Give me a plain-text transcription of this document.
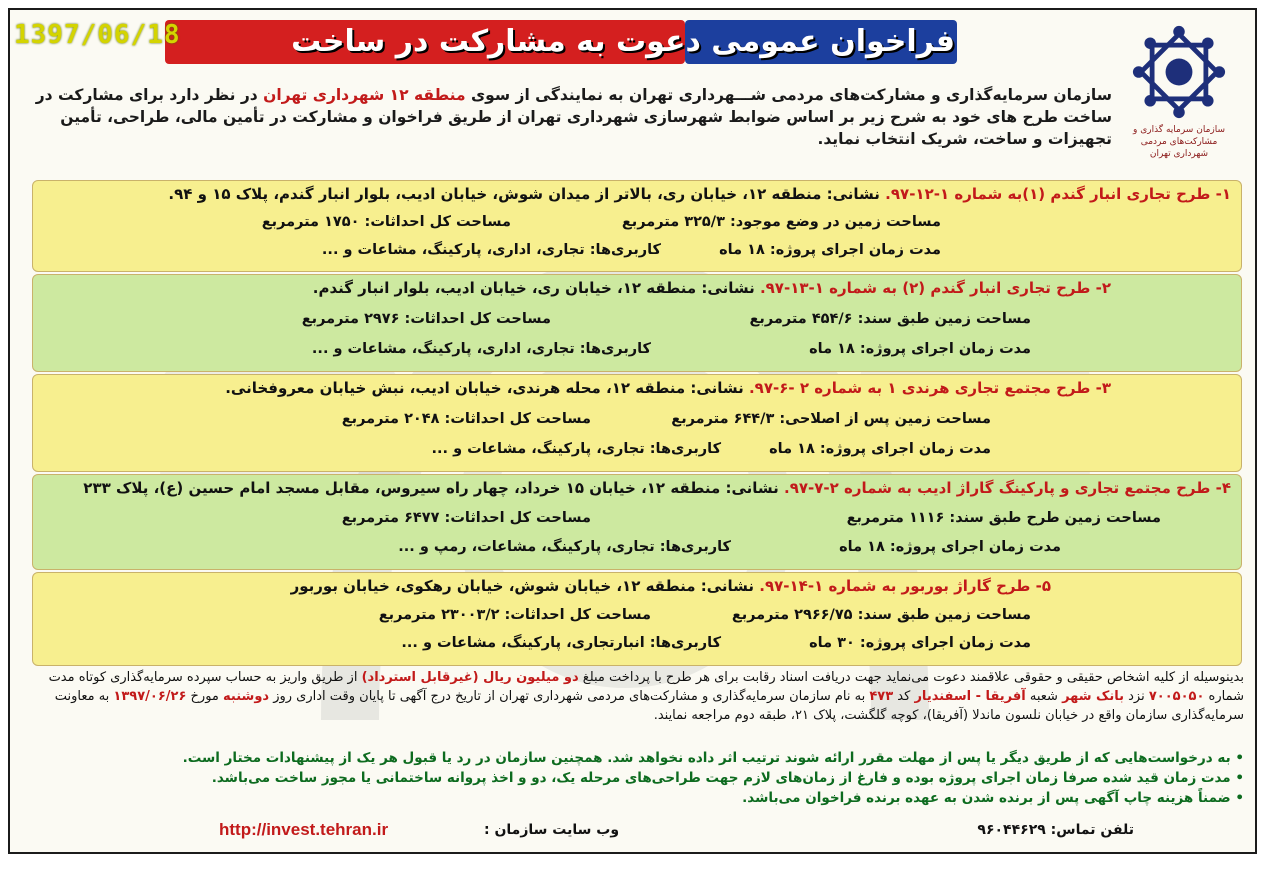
1397/06/18	فراخوان عمومی دعوت به مشارکت در ساخت
سازمان سرمایه گذاری و مشارکت‌های مردمی شهرداری تهران
سازمان سرمایه‌گذاری و مشارکت‌های مردمی شـــهرداری تهران به نمایندگی از سوی منطقه ۱۲ شهرداری تهران در نظر دارد برای مشارکت در ساخت طرح های خود به شرح زیر بر اساس ضوابط شهرسازی شهرداری تهران از طریق فراخوان و مشارکت در تأمین مالی، طراحی، تأمین تجهیزات و ساخت، شریک انتخاب نماید.
۱- طرح تجاری انبار گندم (۱)به شماره ۱-۱۲-۹۷. نشانی: منطقه ۱۲، خیابان ری، بالاتر از میدان شوش، خیابان ادیب، بلوار انبار گندم، پلاک ۱۵ و ۹۴.
مساحت زمین در وضع موجود: ۳۲۵/۳ مترمربع
مساحت کل احداثات: ۱۷۵۰ مترمربع
مدت زمان اجرای پروژه: ۱۸ ماه
کاربری‌ها: تجاری، اداری، پارکینگ، مشاعات و ...
۲- طرح تجاری انبار گندم (۲) به شماره ۱-۱۳-۹۷. نشانی: منطقه ۱۲، خیابان ری، خیابان ادیب، بلوار انبار گندم.
مساحت زمین طبق سند: ۴۵۴/۶ مترمربع
مساحت کل احداثات: ۲۹۷۶ مترمربع
مدت زمان اجرای پروژه: ۱۸ ماه
کاربری‌ها: تجاری، اداری، پارکینگ، مشاعات و ...
۳- طرح مجتمع تجاری هرندی ۱ به شماره ۲ -۶-۹۷. نشانی: منطقه ۱۲، محله هرندی، خیابان ادیب، نبش خیابان معروفخانی.
مساحت زمین پس از اصلاحی: ۶۴۴/۳ مترمربع
مساحت کل احداثات: ۲۰۴۸ مترمربع
مدت زمان اجرای پروژه: ۱۸ ماه
کاربری‌ها: تجاری، پارکینگ، مشاعات و ...
۴- طرح مجتمع تجاری و پارکینگ گاراژ ادیب به شماره ۲-۷-۹۷. نشانی: منطقه ۱۲، خیابان ۱۵ خرداد، چهار راه سیروس، مقابل مسجد امام حسین (ع)، پلاک ۲۳۳
مساحت زمین طرح طبق سند: ۱۱۱۶ مترمربع
مساحت کل احداثات: ۶۴۷۷ مترمربع
مدت زمان اجرای پروژه: ۱۸ ماه
کاربری‌ها: تجاری، پارکینگ، مشاعات، رمپ و ...
۵- طرح گاراژ بوربور به شماره ۱-۱۴-۹۷. نشانی: منطقه ۱۲، خیابان شوش، خیابان رهکوی، خیابان بوربور
مساحت زمین طبق سند: ۲۹۶۶/۷۵ مترمربع
مساحت کل احداثات: ۲۳۰۰۳/۲ مترمربع
مدت زمان اجرای پروژه: ۳۰ ماه
کاربری‌ها: انبارتجاری، پارکینگ، مشاعات و ...
بدینوسیله از کلیه اشخاص حقیقی و حقوقی علاقمند دعوت می‌نماید جهت دریافت اسناد رقابت برای هر طرح با پرداخت مبلغ دو میلیون ریال (غیرقابل استرداد) از طریق واریز به حساب سپرده سرمایه‌گذاری کوتاه مدت شماره ۷۰۰۵۰۵۰ نزد بانک شهر شعبه آفریقا - اسفندیار کد ۴۷۳ به نام سازمان سرمایه‌گذاری و مشارکت‌های مردمی شهرداری تهران از تاریخ درج آگهی تا پایان وقت اداری روز دوشنبه مورخ ۱۳۹۷/۰۶/۲۶ به معاونت سرمایه‌گذاری سازمان واقع در خیابان نلسون ماندلا (آفریقا)، کوچه گلگشت، پلاک ۲۱، طبقه دوم مراجعه نمایند.
• به درخواست‌هایی که از طریق دیگر یا پس از مهلت مقرر ارائه شوند ترتیب اثر داده نخواهد شد. همچنین سازمان در رد یا قبول هر یک از پیشنهادات مختار است.
• مدت زمان قید شده صرفا زمان اجرای پروژه بوده و فارغ از زمان‌های لازم جهت طراحی‌های مرحله یک، دو و اخذ پروانه ساختمانی یا مجوز ساخت می‌باشد.
• ضمناً هزینه چاپ آگهی پس از برنده شدن به عهده برنده فراخوان می‌باشد.
تلفن تماس: ۹۶۰۴۴۶۲۹
وب سایت سازمان :
http://invest.tehran.ir
